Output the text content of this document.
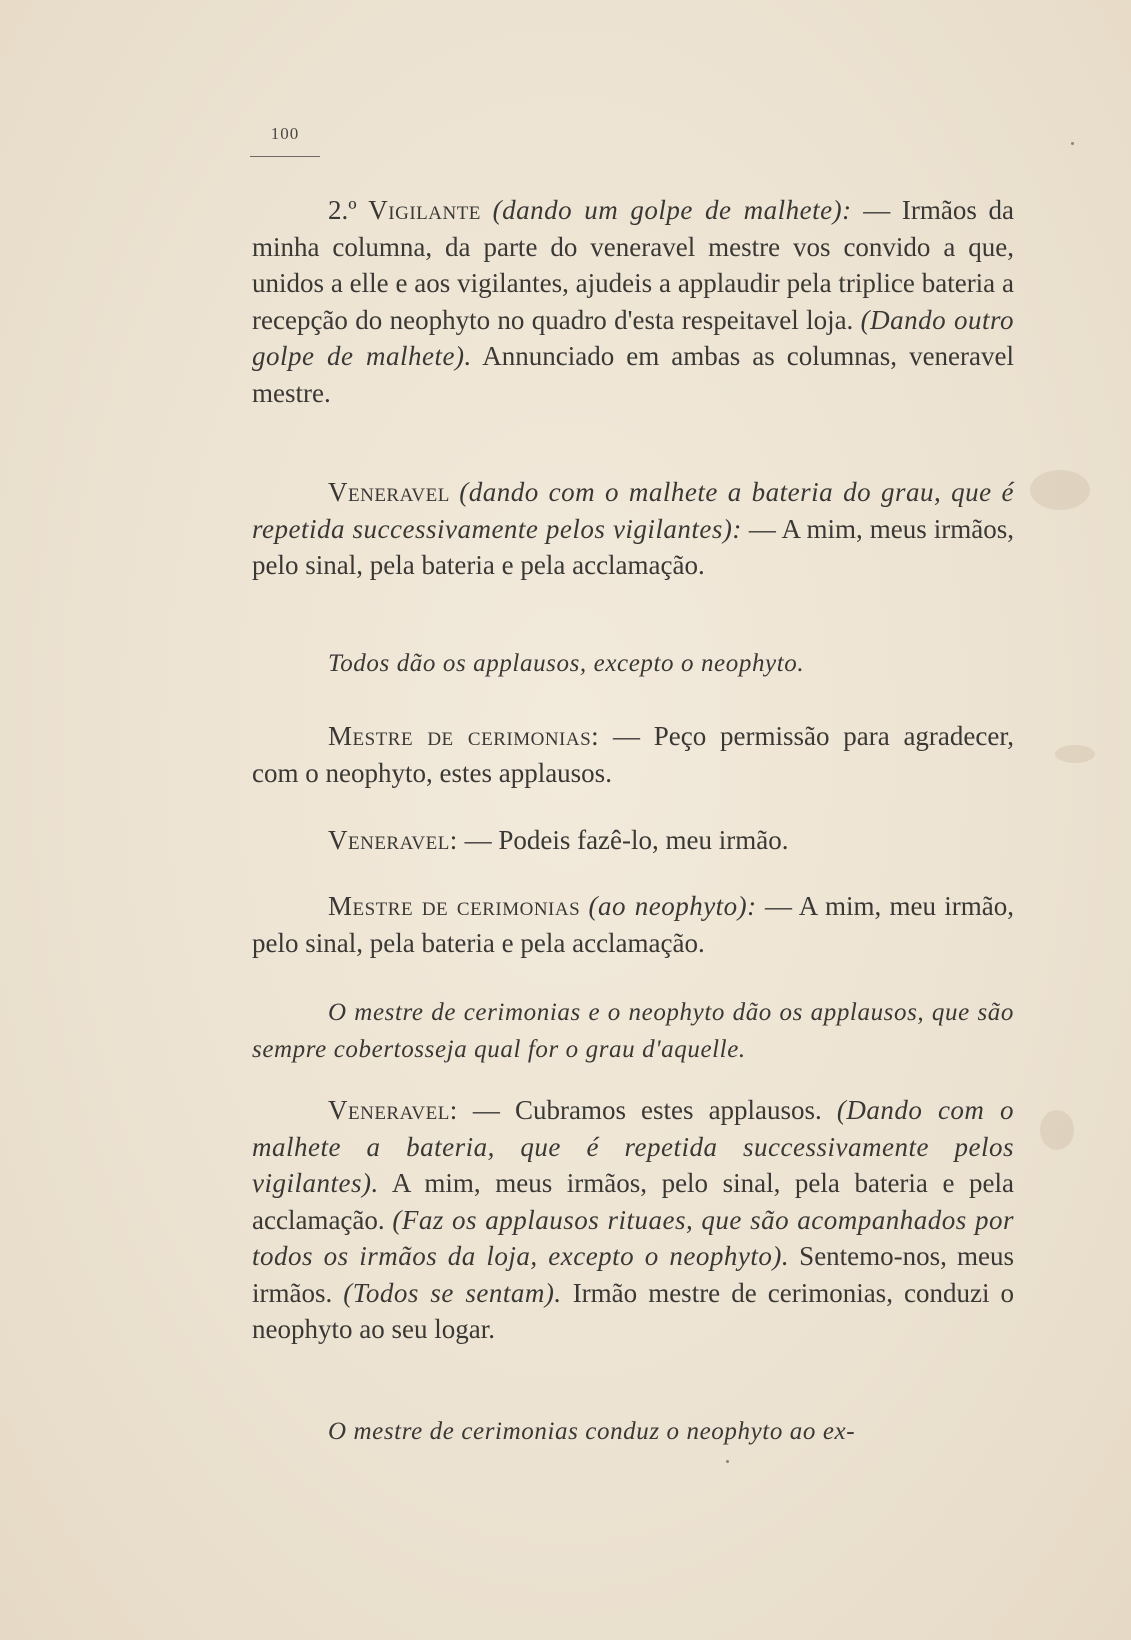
100

2.º Vigilante (dando um golpe de malhete): — Irmãos da minha columna, da parte do veneravel mestre vos convido a que, unidos a elle e aos vigilantes, ajudeis a applaudir pela triplice bateria a recepção do neophyto no quadro d'esta respeitavel loja. (Dando outro golpe de malhete). Annunciado em ambas as columnas, veneravel mestre.

Veneravel (dando com o malhete a bateria do grau, que é repetida successivamente pelos vigilantes): — A mim, meus irmãos, pelo sinal, pela bateria e pela acclamação.

Todos dão os applausos, excepto o neophyto.

Mestre de cerimonias: — Peço permissão para agradecer, com o neophyto, estes applausos.

Veneravel: — Podeis fazê-lo, meu irmão.

Mestre de cerimonias (ao neophyto): — A mim, meu irmão, pelo sinal, pela bateria e pela acclamação.

O mestre de cerimonias e o neophyto dão os applausos, que são sempre cobertosseja qual for o grau d'aquelle.

Veneravel: — Cubramos estes applausos. (Dando com o malhete a bateria, que é repetida successivamente pelos vigilantes). A mim, meus irmãos, pelo sinal, pela bateria e pela acclamação. (Faz os applausos rituaes, que são acompanhados por todos os irmãos da loja, excepto o neophyto). Sentemo-nos, meus irmãos. (Todos se sentam). Irmão mestre de cerimonias, conduzi o neophyto ao seu logar.

O mestre de cerimonias conduz o neophyto ao ex-
